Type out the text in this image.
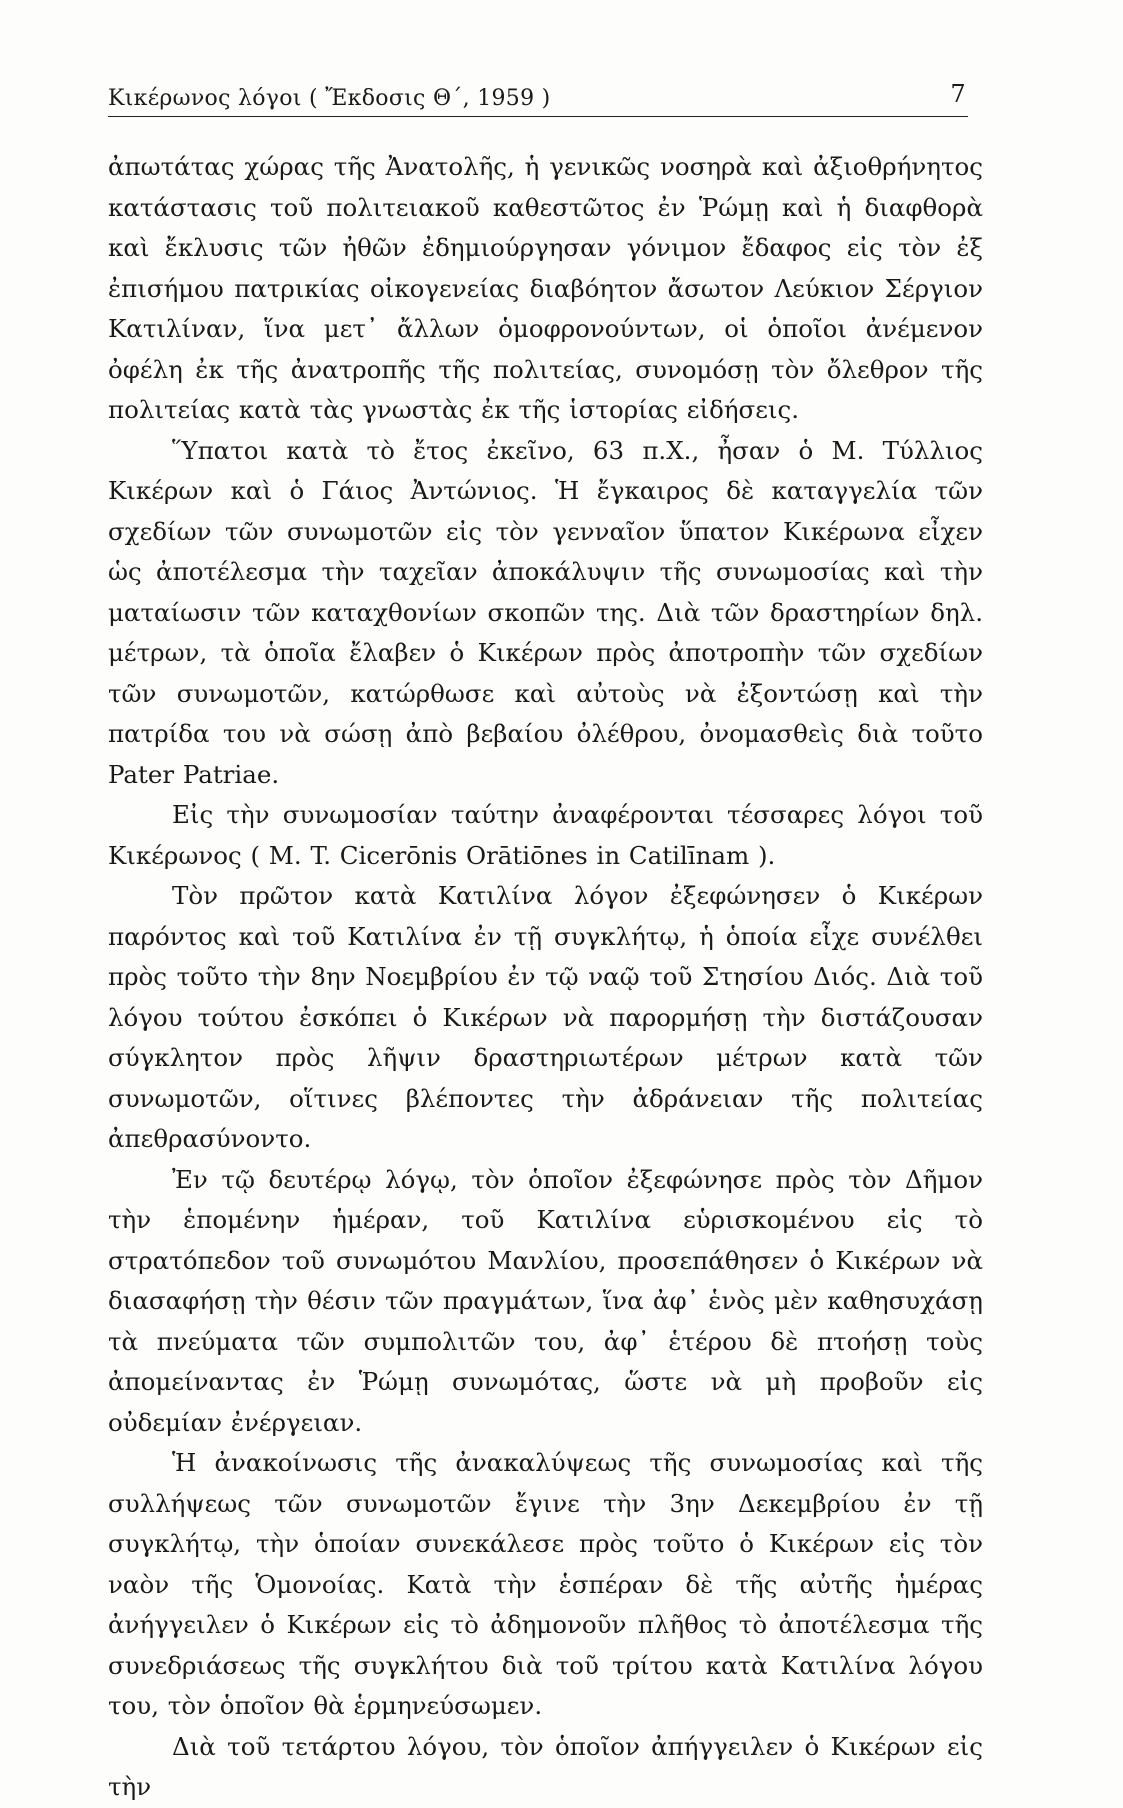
Κικέρωνος λόγοι ( Ἔκδοσις Θ΄, 1959 )	7

ἀπωτάτας χώρας τῆς Ἀνατολῆς, ἡ γενικῶς νοσηρὰ καὶ ἀξιοθρήνητος κατάστασις τοῦ πολιτειακοῦ καθεστῶτος ἐν Ῥώμῃ καὶ ἡ διαφθορὰ καὶ ἔκλυσις τῶν ἠθῶν ἐδημιούργησαν γόνιμον ἔδαφος εἰς τὸν ἐξ ἐπισήμου πατρικίας οἰκογενείας διαβόητον ἄσωτον Λεύκιον Σέργιον Κατιλίναν, ἵνα μετ᾽ ἄλλων ὁμοφρονούντων, οἱ ὁποῖοι ἀνέμενον ὀφέλη ἐκ τῆς ἀνατροπῆς τῆς πολιτείας, συνομόσῃ τὸν ὄλεθρον τῆς πολιτείας κατὰ τὰς γνωστὰς ἐκ τῆς ἱστορίας εἰδήσεις.

Ὕπατοι κατὰ τὸ ἔτος ἐκεῖνο, 63 π.Χ., ἦσαν ὁ Μ. Τύλλιος Κικέρων καὶ ὁ Γάιος Ἀντώνιος. Ἡ ἔγκαιρος δὲ καταγγελία τῶν σχεδίων τῶν συνωμοτῶν εἰς τὸν γενναῖον ὕπατον Κικέρωνα εἶχεν ὡς ἀποτέλεσμα τὴν ταχεῖαν ἀποκάλυψιν τῆς συνωμοσίας καὶ τὴν ματαίωσιν τῶν καταχθονίων σκοπῶν της. Διὰ τῶν δραστηρίων δηλ. μέτρων, τὰ ὁποῖα ἔλαβεν ὁ Κικέρων πρὸς ἀποτροπὴν τῶν σχεδίων τῶν συνωμοτῶν, κατώρθωσε καὶ αὐτοὺς νὰ ἐξοντώσῃ καὶ τὴν πατρίδα του νὰ σώσῃ ἀπὸ βεβαίου ὀλέθρου, ὀνομασθεὶς διὰ τοῦτο Pater Patriae.

Εἰς τὴν συνωμοσίαν ταύτην ἀναφέρονται τέσσαρες λόγοι τοῦ Κικέρωνος ( M. T. Cicerōnis Orātiōnes in Catilīnam ).

Τὸν πρῶτον κατὰ Κατιλίνα λόγον ἐξεφώνησεν ὁ Κικέρων παρόντος καὶ τοῦ Κατιλίνα ἐν τῇ συγκλήτῳ, ἡ ὁποία εἶχε συνέλθει πρὸς τοῦτο τὴν 8ην Νοεμβρίου ἐν τῷ ναῷ τοῦ Στησίου Διός. Διὰ τοῦ λόγου τούτου ἐσκόπει ὁ Κικέρων νὰ παρορμήσῃ τὴν διστάζουσαν σύγκλητον πρὸς λῆψιν δραστηριωτέρων μέτρων κατὰ τῶν συνωμοτῶν, οἵτινες βλέποντες τὴν ἀδράνειαν τῆς πολιτείας ἀπεθρασύνοντο.

Ἐν τῷ δευτέρῳ λόγῳ, τὸν ὁποῖον ἐξεφώνησε πρὸς τὸν Δῆμον τὴν ἑπομένην ἡμέραν, τοῦ Κατιλίνα εὑρισκομένου εἰς τὸ στρατόπεδον τοῦ συνωμότου Μανλίου, προσεπάθησεν ὁ Κικέρων νὰ διασαφήσῃ τὴν θέσιν τῶν πραγμάτων, ἵνα ἀφ᾽ ἑνὸς μὲν καθησυχάσῃ τὰ πνεύματα τῶν συμπολιτῶν του, ἀφ᾽ ἑτέρου δὲ πτοήσῃ τοὺς ἀπομείναντας ἐν Ῥώμῃ συνωμότας, ὥστε νὰ μὴ προβοῦν εἰς οὐδεμίαν ἐνέργειαν.

Ἡ ἀνακοίνωσις τῆς ἀνακαλύψεως τῆς συνωμοσίας καὶ τῆς συλλήψεως τῶν συνωμοτῶν ἔγινε τὴν 3ην Δεκεμβρίου ἐν τῇ συγκλήτῳ, τὴν ὁποίαν συνεκάλεσε πρὸς τοῦτο ὁ Κικέρων εἰς τὸν ναὸν τῆς Ὁμονοίας. Κατὰ τὴν ἑσπέραν δὲ τῆς αὐτῆς ἡμέρας ἀνήγγειλεν ὁ Κικέρων εἰς τὸ ἀδημονοῦν πλῆθος τὸ ἀποτέλεσμα τῆς συνεδριάσεως τῆς συγκλήτου διὰ τοῦ τρίτου κατὰ Κατιλίνα λόγου του, τὸν ὁποῖον θὰ ἑρμηνεύσωμεν.

Διὰ τοῦ τετάρτου λόγου, τὸν ὁποῖον ἀπήγγειλεν ὁ Κικέρων εἰς τὴν
